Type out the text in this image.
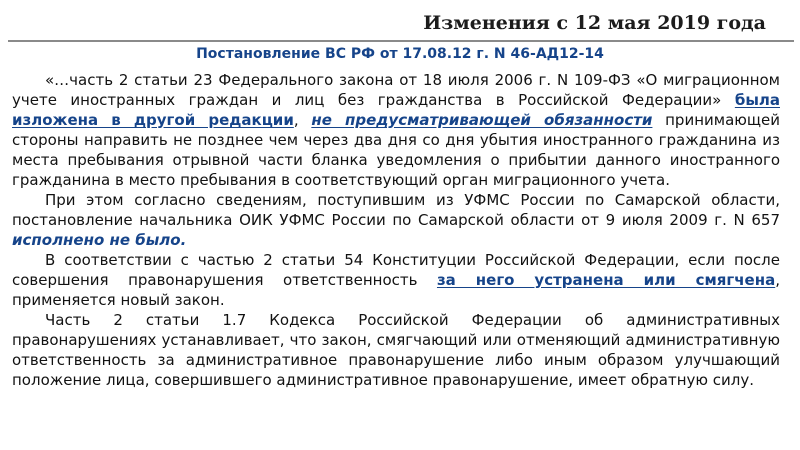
Изменения с 12 мая 2019 года
Постановление ВС РФ от 17.08.12 г. N 46-АД12-14

«…часть 2 статьи 23 Федерального закона от 18 июля 2006 г. N 109-ФЗ «О миграционном учете иностранных граждан и лиц без гражданства в Российской Федерации» была изложена в другой редакции, не предусматривающей обязанности принимающей стороны направить не позднее чем через два дня со дня убытия иностранного гражданина из места пребывания отрывной части бланка уведомления о прибытии данного иностранного гражданина в место пребывания в соответствующий орган миграционного учета.

При этом согласно сведениям, поступившим из УФМС России по Самарской области, постановление начальника ОИК УФМС России по Самарской области от 9 июля 2009 г. N 657 исполнено не было.

В соответствии с частью 2 статьи 54 Конституции Российской Федерации, если после совершения правонарушения ответственность за него устранена или смягчена, применяется новый закон.

Часть 2 статьи 1.7 Кодекса Российской Федерации об административных правонарушениях устанавливает, что закон, смягчающий или отменяющий административную ответственность за административное правонарушение либо иным образом улучшающий положение лица, совершившего административное правонарушение, имеет обратную силу.
